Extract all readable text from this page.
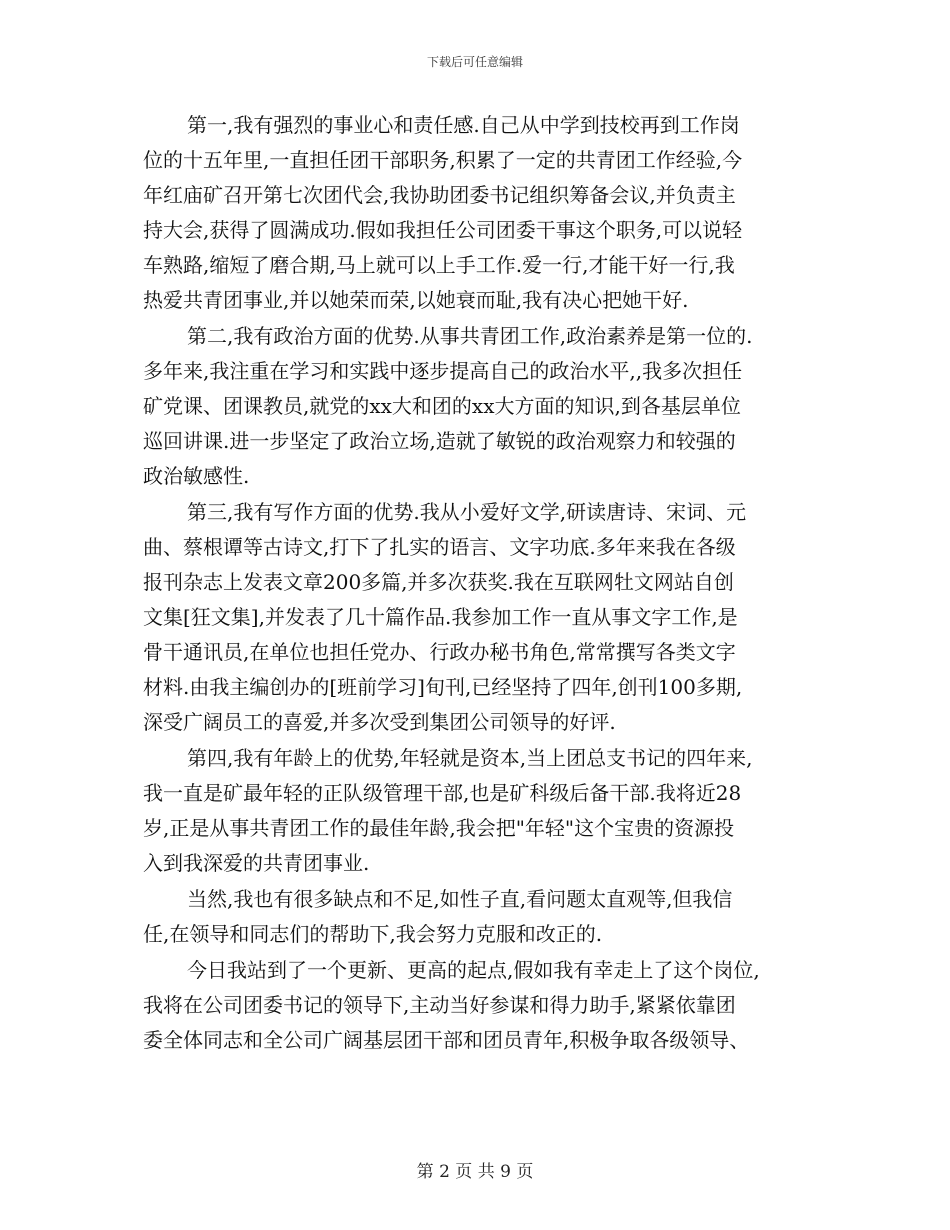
下载后可任意编辑
第一,我有强烈的事业心和责任感.自己从中学到技校再到工作岗
位的十五年里,一直担任团干部职务,积累了一定的共青团工作经验,今
年红庙矿召开第七次团代会,我协助团委书记组织筹备会议,并负责主
持大会,获得了圆满成功.假如我担任公司团委干事这个职务,可以说轻
车熟路,缩短了磨合期,马上就可以上手工作.爱一行,才能干好一行,我
热爱共青团事业,并以她荣而荣,以她衰而耻,我有决心把她干好.
第二,我有政治方面的优势.从事共青团工作,政治素养是第一位的.
多年来,我注重在学习和实践中逐步提高自己的政治水平,,我多次担任
矿党课、团课教员,就党的xx大和团的xx大方面的知识,到各基层单位
巡回讲课.进一步坚定了政治立场,造就了敏锐的政治观察力和较强的
政治敏感性.
第三,我有写作方面的优势.我从小爱好文学,研读唐诗、宋词、元
曲、蔡根谭等古诗文,打下了扎实的语言、文字功底.多年来我在各级
报刊杂志上发表文章200多篇,并多次获奖.我在互联网牡文网站自创
文集[狂文集],并发表了几十篇作品.我参加工作一直从事文字工作,是
骨干通讯员,在单位也担任党办、行政办秘书角色,常常撰写各类文字
材料.由我主编创办的[班前学习]旬刊,已经坚持了四年,创刊100多期,
深受广阔员工的喜爱,并多次受到集团公司领导的好评.
第四,我有年龄上的优势,年轻就是资本,当上团总支书记的四年来,
我一直是矿最年轻的正队级管理干部,也是矿科级后备干部.我将近28
岁,正是从事共青团工作的最佳年龄,我会把"年轻"这个宝贵的资源投
入到我深爱的共青团事业.
当然,我也有很多缺点和不足,如性子直,看问题太直观等,但我信
任,在领导和同志们的帮助下,我会努力克服和改正的.
今日我站到了一个更新、更高的起点,假如我有幸走上了这个岗位,
我将在公司团委书记的领导下,主动当好参谋和得力助手,紧紧依靠团
委全体同志和全公司广阔基层团干部和团员青年,积极争取各级领导、
第 2 页 共 9 页
